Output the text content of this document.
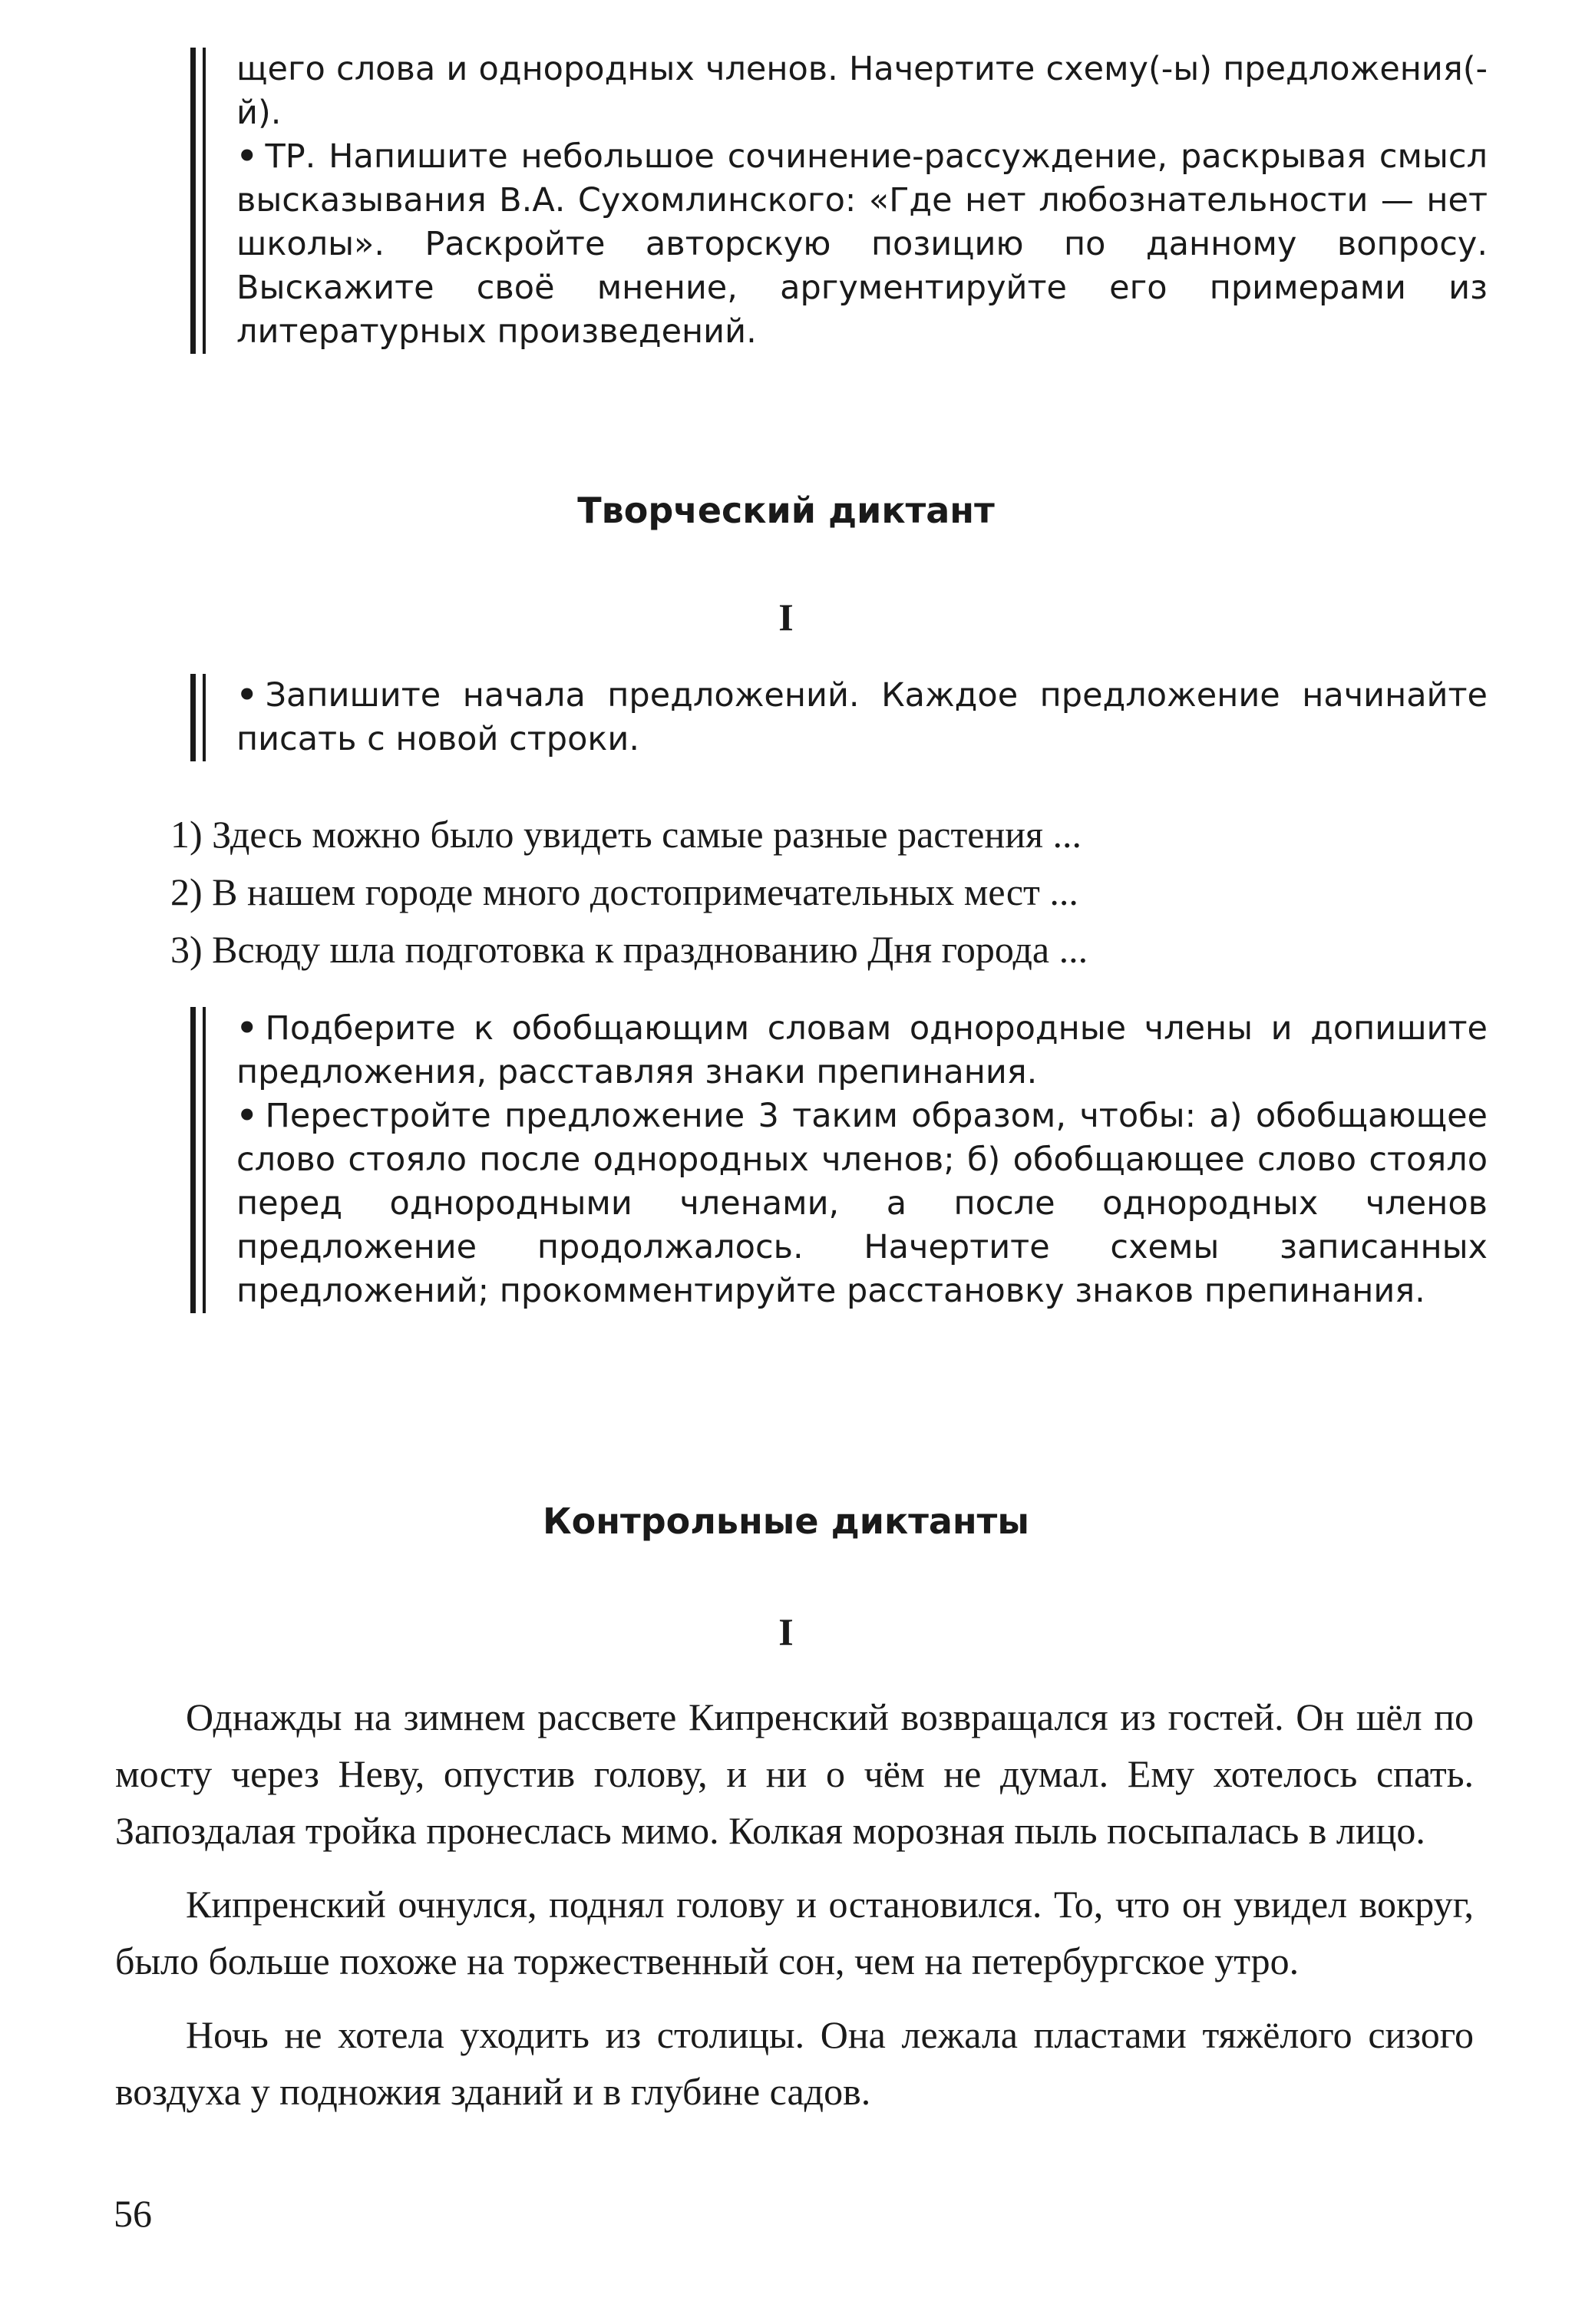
щего слова и однородных членов. Начертите схему(-ы) предложения(-й).

• ТР. Напишите небольшое сочинение-рассуждение, раскрывая смысл высказывания В.А. Сухомлинского: «Где нет любознательности — нет школы». Раскройте авторскую позицию по данному вопросу. Выскажите своё мнение, аргументируйте его примерами из литературных произведений.

Творческий диктант
I

• Запишите начала предложений. Каждое предложение начинайте писать с новой строки.

1) Здесь можно было увидеть самые разные растения ...
2) В нашем городе много достопримечательных мест ...
3) Всюду шла подготовка к празднованию Дня города ...

• Подберите к обобщающим словам однородные члены и допишите предложения, расставляя знаки препинания.

• Перестройте предложение 3 таким образом, чтобы: а) обобщающее слово стояло после однородных членов; б) обобщающее слово стояло перед однородными членами, а после однородных членов предложение продолжалось. Начертите схемы записанных предложений; прокомментируйте расстановку знаков препинания.

Контрольные диктанты
I

Однажды на зимнем рассвете Кипренский возвращался из гостей. Он шёл по мосту через Неву, опустив голову, и ни о чём не думал. Ему хотелось спать. Запоздалая тройка пронеслась мимо. Колкая морозная пыль посыпалась в лицо.

Кипренский очнулся, поднял голову и остановился. То, что он увидел вокруг, было больше похоже на торжественный сон, чем на петербургское утро.

Ночь не хотела уходить из столицы. Она лежала пластами тяжёлого сизого воздуха у подножия зданий и в глубине садов.

56
